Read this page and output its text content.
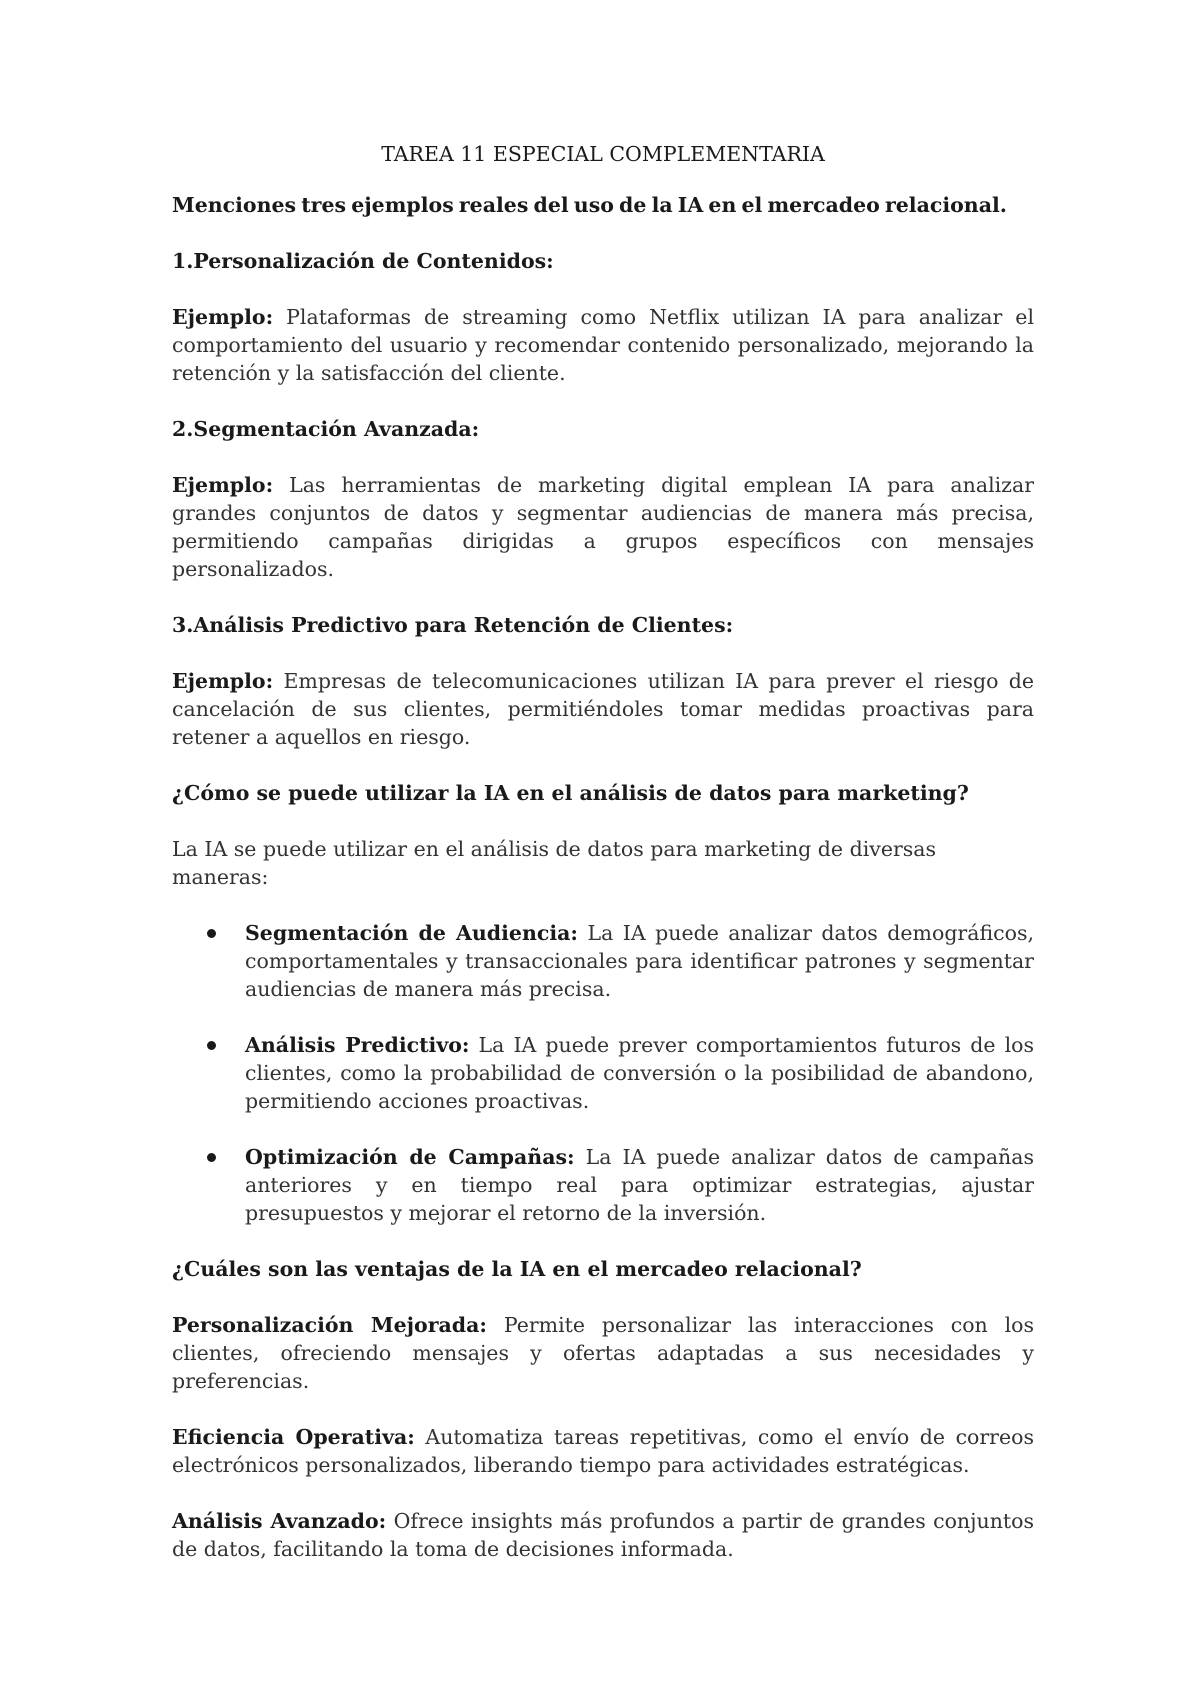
TAREA 11 ESPECIAL COMPLEMENTARIA

Menciones tres ejemplos reales del uso de la IA en el mercadeo relacional.

1.Personalización de Contenidos:

Ejemplo: Plataformas de streaming como Netflix utilizan IA para analizar el comportamiento del usuario y recomendar contenido personalizado, mejorando la retención y la satisfacción del cliente.

2.Segmentación Avanzada:

Ejemplo: Las herramientas de marketing digital emplean IA para analizar grandes conjuntos de datos y segmentar audiencias de manera más precisa, permitiendo campañas dirigidas a grupos específicos con mensajes personalizados.

3.Análisis Predictivo para Retención de Clientes:

Ejemplo: Empresas de telecomunicaciones utilizan IA para prever el riesgo de cancelación de sus clientes, permitiéndoles tomar medidas proactivas para retener a aquellos en riesgo.

¿Cómo se puede utilizar la IA en el análisis de datos para marketing?

La IA se puede utilizar en el análisis de datos para marketing de diversas maneras:

Segmentación de Audiencia: La IA puede analizar datos demográficos, comportamentales y transaccionales para identificar patrones y segmentar audiencias de manera más precisa.
Análisis Predictivo: La IA puede prever comportamientos futuros de los clientes, como la probabilidad de conversión o la posibilidad de abandono, permitiendo acciones proactivas.
Optimización de Campañas: La IA puede analizar datos de campañas anteriores y en tiempo real para optimizar estrategias, ajustar presupuestos y mejorar el retorno de la inversión.

¿Cuáles son las ventajas de la IA en el mercadeo relacional?

Personalización Mejorada: Permite personalizar las interacciones con los clientes, ofreciendo mensajes y ofertas adaptadas a sus necesidades y preferencias.

Eficiencia Operativa: Automatiza tareas repetitivas, como el envío de correos electrónicos personalizados, liberando tiempo para actividades estratégicas.

Análisis Avanzado: Ofrece insights más profundos a partir de grandes conjuntos de datos, facilitando la toma de decisiones informada.
